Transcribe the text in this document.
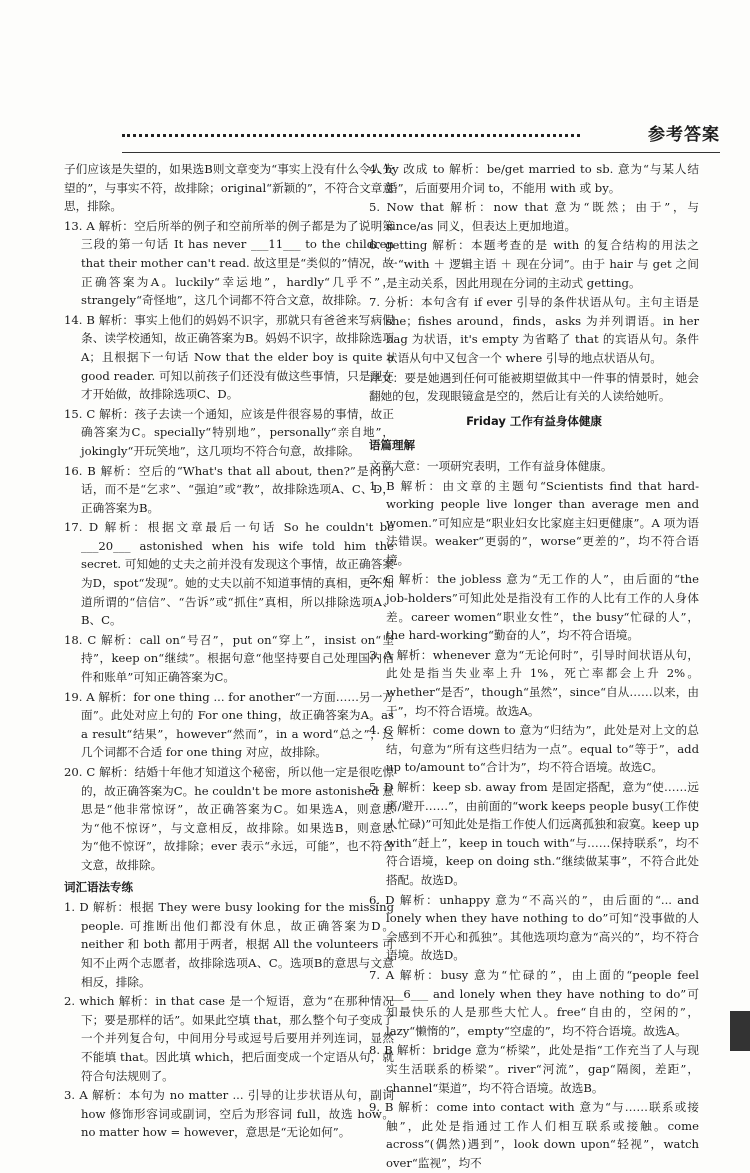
参考答案
子们应该是失望的，如果选B则文章变为“事实上没有什么令人失望的”，与事实不符，故排除；original“新颖的”，不符合文章意思，排除。
13. A 解析：空后所举的例子和空前所举的例子都是为了说明第三段的第一句话 It has never ___11___ to the children that their mother can't read. 故这里是“类似的”情况，故正确答案为A。luckily“幸运地”，hardly“几乎不”，strangely“奇怪地”，这几个词都不符合文意，故排除。
14. B 解析：事实上他们的妈妈不识字，那就只有爸爸来写病假条、读学校通知，故正确答案为B。妈妈不识字，故排除选项A；且根据下一句话 Now that the elder boy is quite a good reader. 可知以前孩子们还没有做这些事情，只是现在才开始做，故排除选项C、D。
15. C 解析：孩子去读一个通知，应该是件很容易的事情，故正确答案为C。specially“特别地”，personally“亲自地”，jokingly“开玩笑地”，这几项均不符合句意，故排除。
16. B 解析：空后的“What's that all about, then?”是问的话，而不是“乞求”、“强迫”或“教”，故排除选项A、C、D，正确答案为B。
17. D 解析：根据文章最后一句话 So he couldn't be ___20___ astonished when his wife told him the secret. 可知她的丈夫之前并没有发现这个事情，故正确答案为D，spot“发现”。她的丈夫以前不知道事情的真相，更不知道所谓的“信信”、“告诉”或“抓住”真相，所以排除选项A、B、C。
18. C 解析：call on“号召”，put on“穿上”，insist on“坚持”，keep on“继续”。根据句意“他坚持要自己处理国内信件和账单”可知正确答案为C。
19. A 解析：for one thing ... for another“一方面……另一方面”。此处对应上句的 For one thing，故正确答案为A。as a result“结果”，however“然而”，in a word“总之”，这几个词都不合适 for one thing 对应，故排除。
20. C 解析：结婚十年他才知道这个秘密，所以他一定是很吃惊的，故正确答案为C。he couldn't be more astonished 意思是“他非常惊讶”，故正确答案为C。如果选A，则意思为“他不惊讶”，与文意相反，故排除。如果选B，则意思为“他不惊讶”，故排除；ever 表示“永远，可能”，也不符合文意，故排除。
词汇语法专练
1. D 解析：根据 They were busy looking for the missing people. 可推断出他们都没有休息，故正确答案为D。neither 和 both 都用于两者，根据 All the volunteers 可知不止两个志愿者，故排除选项A、C。选项B的意思与文意相反，排除。
2. which 解析：in that case 是一个短语，意为“在那种情况下；要是那样的话”。如果此空填 that，那么整个句子变成了一个并列复合句，中间用分号或逗号后要用并列连词，显然不能填 that。因此填 which，把后面变成一个定语从句，就符合句法规则了。
3. A 解析：本句为 no matter ... 引导的让步状语从句，副词 how 修饰形容词或副词，空后为形容词 full，故选 how。no matter how = however，意思是“无论如何”。
4. by 改成 to 解析：be/get married to sb. 意为“与某人结婚”，后面要用介词 to，不能用 with 或 by。
5. Now that 解析：now that 意为“既然；由于”，与 since/as 同义，但表达上更加地道。
6. getting 解析：本题考查的是 with 的复合结构的用法之一“with ＋ 逻辑主语 ＋ 现在分词”。由于 hair 与 get 之间是主动关系，因此用现在分词的主动式 getting。
7. 分析：本句含有 if ever 引导的条件状语从句。主句主语是 she；fishes around，finds，asks 为并列谓语。in her bag 为状语，it's empty 为省略了 that 的宾语从句。条件状语从句中又包含一个 where 引导的地点状语从句。
译文：要是她遇到任何可能被期望做其中一件事的情景时，她会翻她的包，发现眼镜盒是空的，然后让有关的人读给她听。
Friday 工作有益身体健康
语篇理解
文章大意：一项研究表明，工作有益身体健康。
1. B 解析：由文章的主题句“Scientists find that hard-working people live longer than average men and women.”可知应是“职业妇女比家庭主妇更健康”。A 项为语法错误。weaker“更弱的”，worse“更差的”，均不符合语境。
2. C 解析：the jobless 意为“无工作的人”，由后面的“the job-holders”可知此处是指没有工作的人比有工作的人身体差。career women“职业女性”，the busy“忙碌的人”，the hard-working“勤奋的人”，均不符合语境。
3. A 解析：whenever 意为“无论何时”，引导时间状语从句，此处是指当失业率上升 1%，死亡率都会上升 2%。whether“是否”，though“虽然”，since“自从……以来，由于”，均不符合语境。故选A。
4. C 解析：come down to 意为“归结为”，此处是对上文的总结，句意为“所有这些归结为一点”。equal to“等于”，add up to/amount to“合计为”，均不符合语境。故选C。
5. D 解析：keep sb. away from 是固定搭配，意为“使……远离/避开……”，由前面的“work keeps people busy(工作使人忙碌)”可知此处是指工作使人们远离孤独和寂寞。keep up with“赶上”，keep in touch with“与……保持联系”，均不符合语境，keep on doing sth.“继续做某事”，不符合此处搭配。故选D。
6. D 解析：unhappy 意为“不高兴的”，由后面的“... and lonely when they have nothing to do”可知“没事做的人会感到不开心和孤独”。其他选项均意为“高兴的”，均不符合语境。故选D。
7. A 解析：busy 意为“忙碌的”，由上面的“people feel ___6___ and lonely when they have nothing to do”可知最快乐的人是那些大忙人。free“自由的，空闲的”，lazy“懒惰的”，empty“空虚的”，均不符合语境。故选A。
8. B 解析：bridge 意为“桥梁”，此处是指“工作充当了人与现实生活联系的桥梁”。river“河流”，gap“隔阂，差距”，channel“渠道”，均不符合语境。故选B。
9. B 解析：come into contact with 意为“与……联系或接触”，此处是指通过工作人们相互联系或接触。come across“(偶然)遇到”，look down upon“轻视”，watch over“监视”，均不
